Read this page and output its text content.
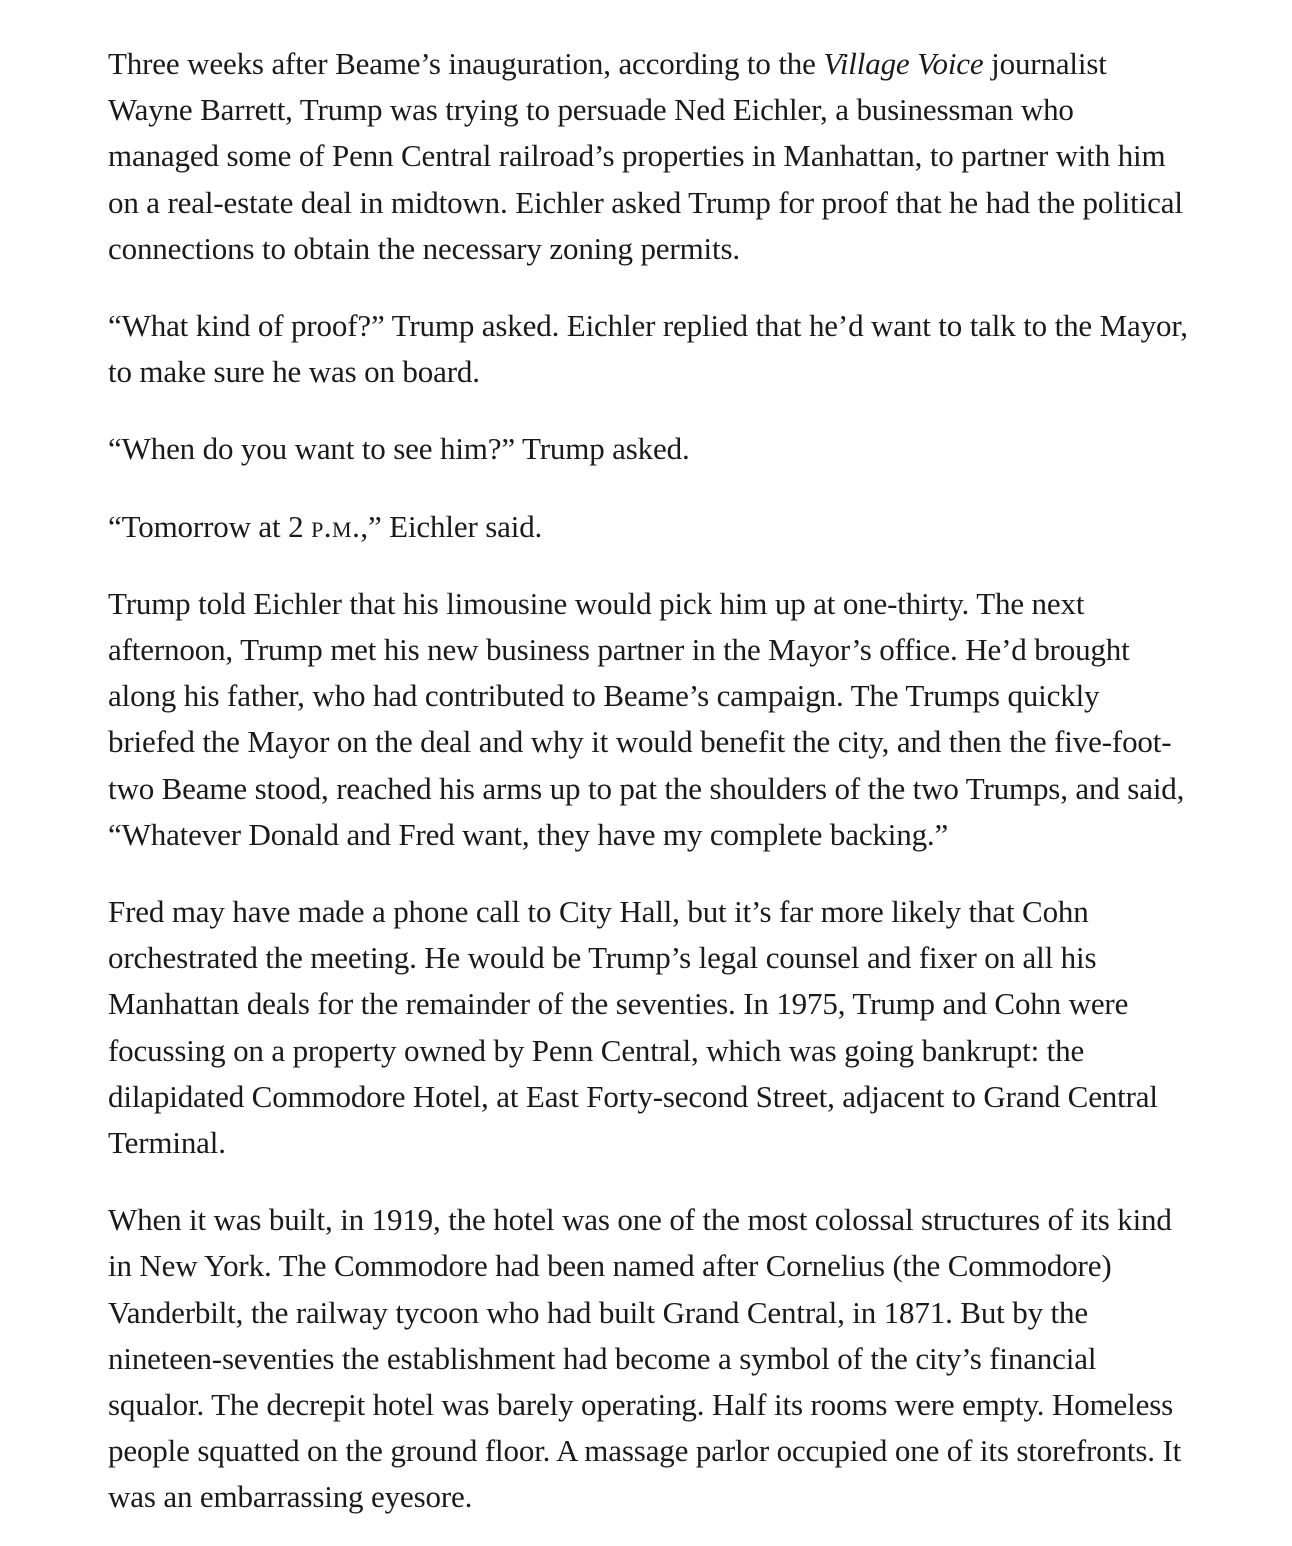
Three weeks after Beame’s inauguration, according to the Village Voice journalist Wayne Barrett, Trump was trying to persuade Ned Eichler, a businessman who managed some of Penn Central railroad’s properties in Manhattan, to partner with him on a real-estate deal in midtown. Eichler asked Trump for proof that he had the political connections to obtain the necessary zoning permits.

“What kind of proof?” Trump asked. Eichler replied that he’d want to talk to the Mayor, to make sure he was on board.

“When do you want to see him?” Trump asked.

“Tomorrow at 2 p.m.,” Eichler said.

Trump told Eichler that his limousine would pick him up at one-thirty. The next afternoon, Trump met his new business partner in the Mayor’s office. He’d brought along his father, who had contributed to Beame’s campaign. The Trumps quickly briefed the Mayor on the deal and why it would benefit the city, and then the five-foot-two Beame stood, reached his arms up to pat the shoulders of the two Trumps, and said, “Whatever Donald and Fred want, they have my complete backing.”

Fred may have made a phone call to City Hall, but it’s far more likely that Cohn orchestrated the meeting. He would be Trump’s legal counsel and fixer on all his Manhattan deals for the remainder of the seventies. In 1975, Trump and Cohn were focussing on a property owned by Penn Central, which was going bankrupt: the dilapidated Commodore Hotel, at East Forty-second Street, adjacent to Grand Central Terminal.

When it was built, in 1919, the hotel was one of the most colossal structures of its kind in New York. The Commodore had been named after Cornelius (the Commodore) Vanderbilt, the railway tycoon who had built Grand Central, in 1871. But by the nineteen-seventies the establishment had become a symbol of the city’s financial squalor. The decrepit hotel was barely operating. Half its rooms were empty. Homeless people squatted on the ground floor. A massage parlor occupied one of its storefronts. It was an embarrassing eyesore.
